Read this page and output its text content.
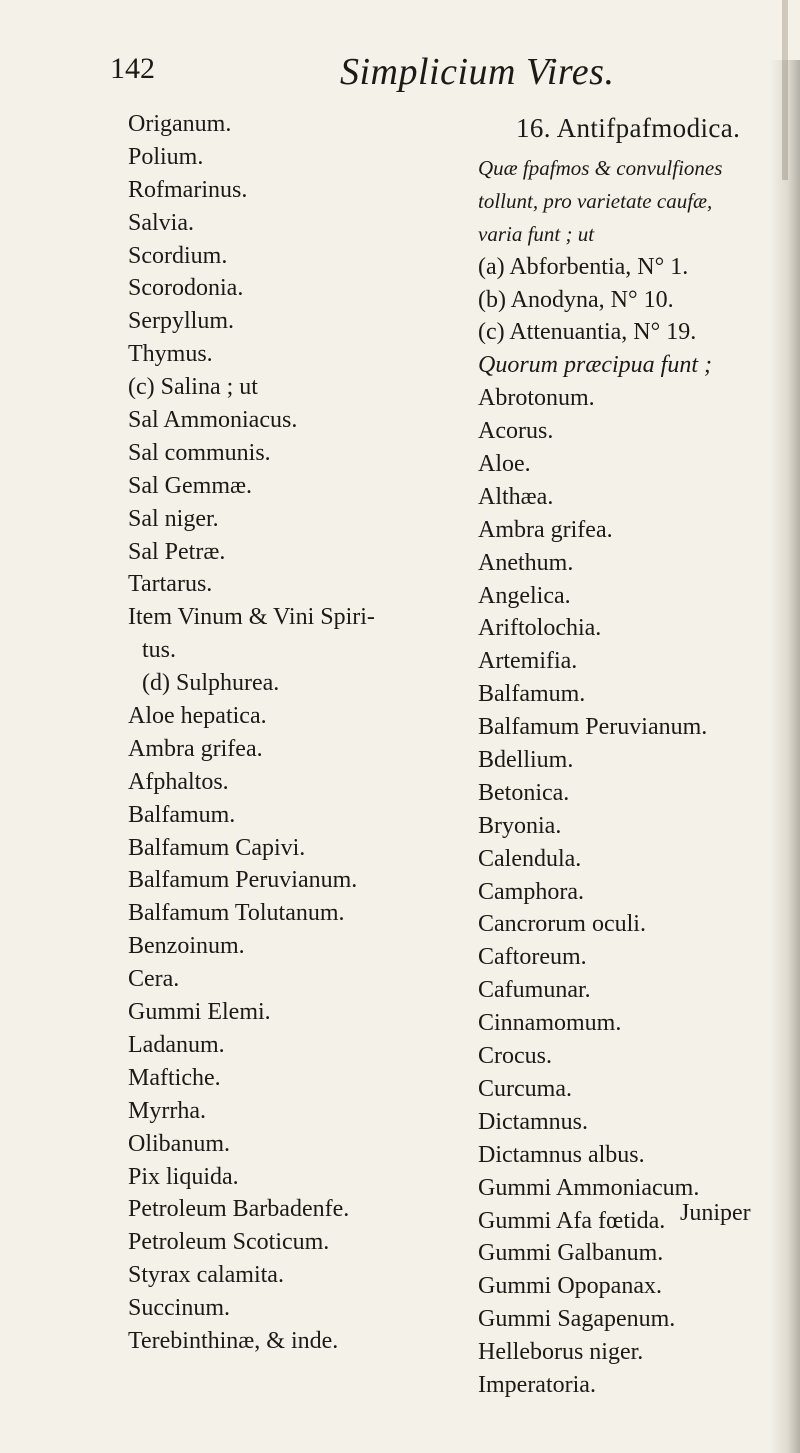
142	Simplicium Vires.
Origanum.
Polium.
Rofmarinus.
Salvia.
Scordium.
Scorodonia.
Serpyllum.
Thymus.
(c) Salina ; ut
Sal Ammoniacus.
Sal communis.
Sal Gemmæ.
Sal niger.
Sal Petræ.
Tartarus.
Item Vinum & Vini Spiri-
tus.
(d) Sulphurea.
Aloe hepatica.
Ambra grifea.
Afphaltos.
Balfamum.
Balfamum Capivi.
Balfamum Peruvianum.
Balfamum Tolutanum.
Benzoinum.
Cera.
Gummi Elemi.
Ladanum.
Maftiche.
Myrrha.
Olibanum.
Pix liquida.
Petroleum Barbadenfe.
Petroleum Scoticum.
Styrax calamita.
Succinum.
Terebinthinæ, & inde.
16. Antifpafmodica.
Quæ fpafmos & convulfiones
tollunt, pro varietate caufæ,
varia funt ; ut
(a) Abforbentia, N° 1.
(b) Anodyna, N° 10.
(c) Attenuantia, N° 19.
Quorum præcipua funt ;
Abrotonum.
Acorus.
Aloe.
Althæa.
Ambra grifea.
Anethum.
Angelica.
Ariftolochia.
Artemifia.
Balfamum.
Balfamum Peruvianum.
Bdellium.
Betonica.
Bryonia.
Calendula.
Camphora.
Cancrorum oculi.
Caftoreum.
Cafumunar.
Cinnamomum.
Crocus.
Curcuma.
Dictamnus.
Dictamnus albus.
Gummi Ammoniacum.
Gummi Afa fœtida.
Gummi Galbanum.
Gummi Opopanax.
Gummi Sagapenum.
Helleborus niger.
Imperatoria.
Juniper
